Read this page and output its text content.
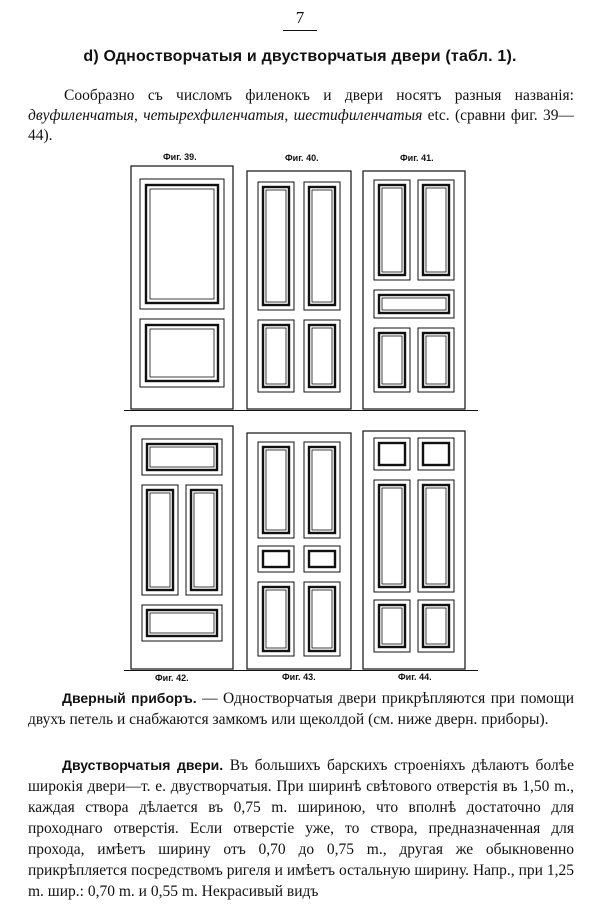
7
d) Одностворчатыя и двустворчатыя двери (табл. 1).
Сообразно съ числомъ филенокъ и двери носятъ разныя названія: двуфиленчатыя, четырехфиленчатыя, шестифиленчатыя etc. (сравни фиг. 39—44).
Фиг. 39.	Фиг. 40.	Фиг. 41.
Фиг. 42.	Фиг. 43.	Фиг. 44.
Дверный приборъ. — Одностворчатыя двери прикрѣпляются при помощи двухъ петель и снабжаются замкомъ или щеколдой (см. ниже дверн. приборы).
Двустворчатыя двери. Въ большихъ барскихъ строеніяхъ дѣлаютъ болѣе широкія двери—т. е. двустворчатыя. При ширинѣ свѣтового отверстія въ 1,50 m., каждая створа дѣлается въ 0,75 m. шириною, что вполнѣ достаточно для проходнаго отверстія. Если отверстіе уже, то створа, предназначенная для прохода, имѣетъ ширину отъ 0,70 до 0,75 m., другая же обыкновенно прикрѣпляется посредствомъ ригеля и имѣетъ остальную ширину. Напр., при 1,25 m. шир.: 0,70 m. и 0,55 m. Некрасивый видъ
